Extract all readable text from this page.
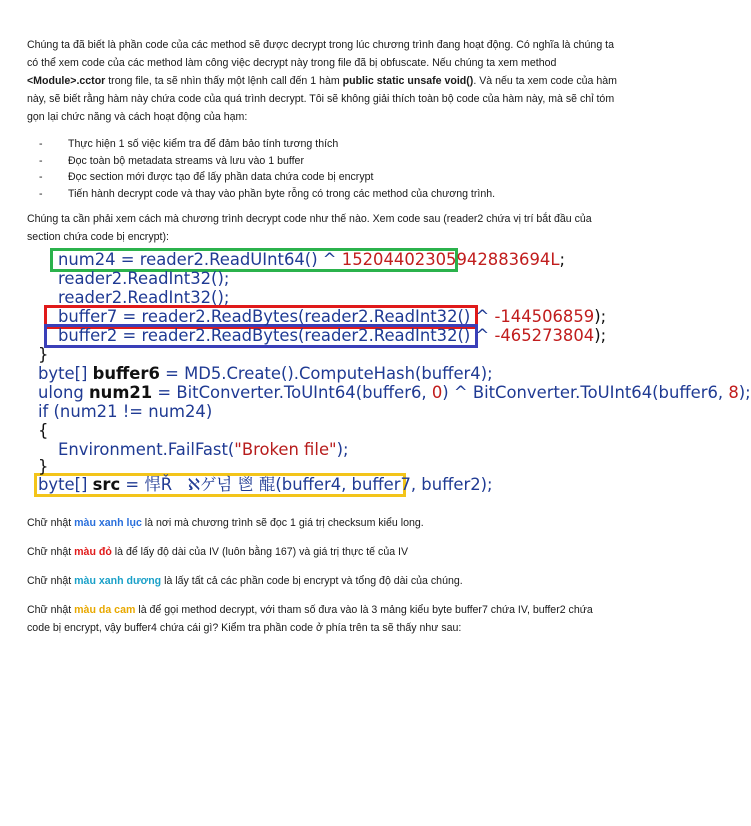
Chúng ta đã biết là phần code của các method sẽ được decrypt trong lúc chương trình đang hoạt động. Có nghĩa là chúng ta có thể xem code của các method làm công việc decrypt này trong file đã bị obfuscate. Nếu chúng ta xem method <Module>.cctor trong file, ta sẽ nhìn thấy một lệnh call đến 1 hàm public static unsafe void(). Và nếu ta xem code của hàm này, sẽ biết rằng hàm này chứa code của quá trình decrypt. Tôi sẽ không giải thích toàn bộ code của hàm này, mà sẽ chỉ tóm gọn lại chức năng và cách hoạt động của hạm:

- Thực hiện 1 số việc kiểm tra để đảm bảo tính tương thích
- Đọc toàn bộ metadata streams và lưu vào 1 buffer
- Đọc section mới được tạo để lấy phần data chứa code bị encrypt
- Tiến hành decrypt code và thay vào phần byte rỗng có trong các method của chương trình.

Chúng ta cần phải xem cách mà chương trình decrypt code như thế nào. Xem code sau (reader2 chứa vị trí bắt đầu của section chứa code bị encrypt):

num24 = reader2.ReadUInt64() ^ 15204402305942883694L;
reader2.ReadInt32();
reader2.ReadInt32();
buffer7 = reader2.ReadBytes(reader2.ReadInt32() ^ -144506859);
buffer2 = reader2.ReadBytes(reader2.ReadInt32() ^ -465273804);
}
byte[] buffer6 = MD5.Create().ComputeHash(buffer4);
ulong num21 = BitConverter.ToUInt64(buffer6, 0) ^ BitConverter.ToUInt64(buffer6, 8);
if (num21 != num24)
{
Environment.FailFast("Broken file");
}
byte[] src = 悍Ř   ℵゲ넘 鬯 醌(buffer4, buffer7, buffer2);

Chữ nhật màu xanh lục là nơi mà chương trình sẽ đọc 1 giá trị checksum kiểu long.

Chữ nhật màu đỏ là để lấy độ dài của IV (luôn bằng 167) và giá trị thực tế của IV

Chữ nhật màu xanh dương là lấy tất cả các phần code bị encrypt và tổng độ dài của chúng.

Chữ nhật màu da cam là để gọi method decrypt, với tham số đưa vào là 3 mảng kiểu byte buffer7 chứa IV, buffer2 chứa code bị encrypt, vậy buffer4 chứa cái gì? Kiểm tra phần code ở phía trên ta sẽ thấy như sau:
